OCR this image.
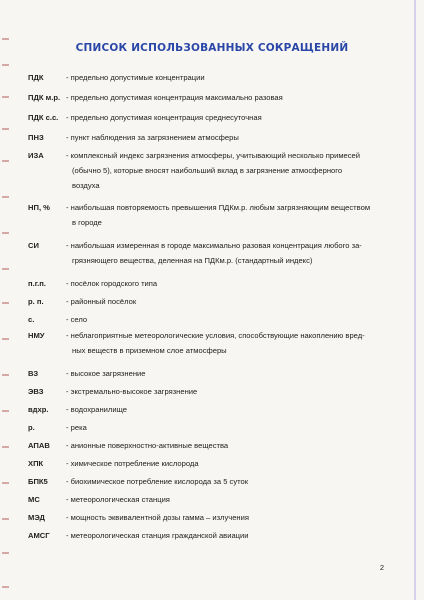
СПИСОК ИСПОЛЬЗОВАННЫХ СОКРАЩЕНИЙ
ПДК	- предельно допустимые концентрации
ПДК м.р. - предельно допустимая концентрация максимально разовая
ПДК с.с. - предельно допустимая концентрация среднесуточная
ПНЗ	- пункт наблюдения за загрязнением атмосферы
ИЗА	- комплексный индекс загрязнения атмосферы, учитывающий несколько примесей
(обычно 5), которые вносят наибольший вклад в загрязнение атмосферного
воздуха
НП, % - наибольшая повторяемость превышения ПДКм.р. любым загрязняющим веществом
в городе
СИ	- наибольшая измеренная в городе максимально разовая концентрация любого за-
грязняющего вещества, деленная на ПДКм.р. (стандартный индекс)
п.г.п.	- посёлок городского типа
р. п.	- районный посёлок
с.	- село
НМУ	- неблагоприятные метеорологические условия, способствующие накоплению вред-
ных веществ в приземном слое атмосферы
ВЗ	- высокое загрязнение
ЭВЗ	- экстремально-высокое загрязнение
вдхр. - водохранилище
р.	- река
АПАВ - анионные поверхностно-активные вещества
ХПК	- химическое потребление кислорода
БПК5 - биохимическое потребление кислорода за 5 суток
МС	- метеорологическая станция
МЭД	- мощность эквивалентной дозы гамма – излучения
АМСГ - метеорологическая станция гражданской авиации
2
